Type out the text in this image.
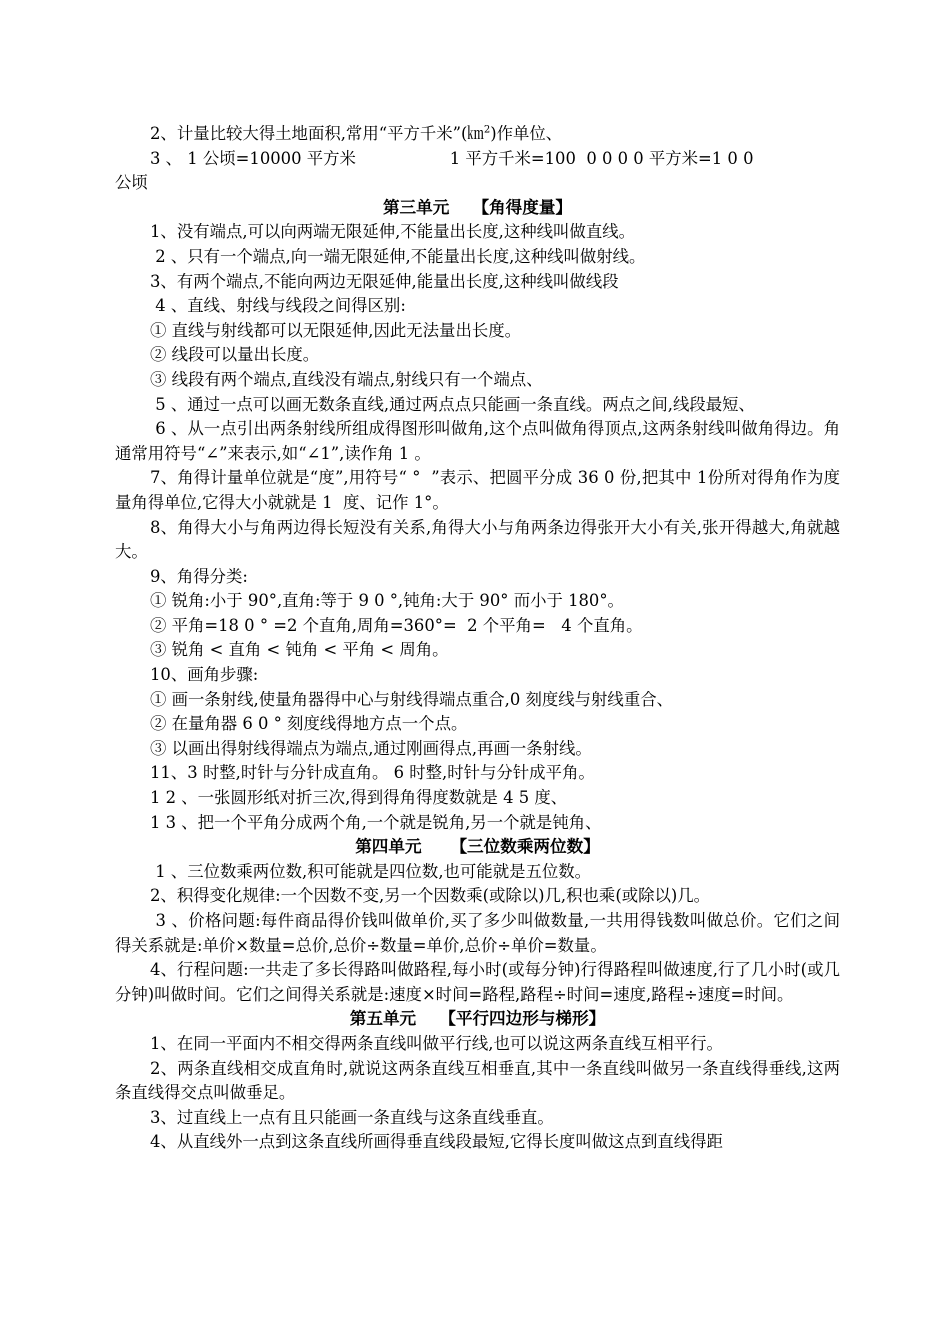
2、计量比较大得土地面积,常用“平方千米”(㎞$^2$)作单位、

3 、 1 公顷=10000 平方米                  1 平方千米=100  0 0 0 0 平方米=1 0 0

公顷

第三单元    【角得度量】

1、没有端点,可以向两端无限延伸,不能量出长度,这种线叫做直线。

2 、只有一个端点,向一端无限延伸,不能量出长度,这种线叫做射线。

3、有两个端点,不能向两边无限延伸,能量出长度,这种线叫做线段

4 、直线、射线与线段之间得区别:

① 直线与射线都可以无限延伸,因此无法量出长度。

② 线段可以量出长度。

③ 线段有两个端点,直线没有端点,射线只有一个端点、

5 、通过一点可以画无数条直线,通过两点点只能画一条直线。两点之间,线段最短、

6 、从一点引出两条射线所组成得图形叫做角,这个点叫做角得顶点,这两条射线叫做角得边。角通常用符号“∠”来表示,如“∠1”,读作角 1 。

7、角得计量单位就是“度”,用符号“ °  ”表示、把圆平分成 36 0 份,把其中 1份所对得角作为度量角得单位,它得大小就就是 1  度、记作 1°。

8、角得大小与角两边得长短没有关系,角得大小与角两条边得张开大小有关,张开得越大,角就越大。

9、角得分类:

① 锐角:小于 90°,直角:等于 9 0 °,钝角:大于 90° 而小于 180°。

② 平角=18 0 ° =2 个直角,周角=360°=  2 个平角=   4 个直角。

③ 锐角 < 直角 < 钝角 < 平角 < 周角。

10、画角步骤:

① 画一条射线,使量角器得中心与射线得端点重合,0 刻度线与射线重合、

② 在量角器 6 0 ° 刻度线得地方点一个点。

③ 以画出得射线得端点为端点,通过刚画得点,再画一条射线。

11、3 时整,时针与分针成直角。 6 时整,时针与分针成平角。

1 2 、一张圆形纸对折三次,得到得角得度数就是 4 5 度、

1 3 、把一个平角分成两个角,一个就是锐角,另一个就是钝角、

第四单元     【三位数乘两位数】

1 、三位数乘两位数,积可能就是四位数,也可能就是五位数。

2、积得变化规律:一个因数不变,另一个因数乘(或除以)几,积也乘(或除以)几。

3 、价格问题:每件商品得价钱叫做单价,买了多少叫做数量,一共用得钱数叫做总价。它们之间得关系就是:单价×数量=总价,总价÷数量=单价,总价÷单价=数量。

4、行程问题:一共走了多长得路叫做路程,每小时(或每分钟)行得路程叫做速度,行了几小时(或几分钟)叫做时间。它们之间得关系就是:速度×时间=路程,路程÷时间=速度,路程÷速度=时间。

第五单元    【平行四边形与梯形】

1、在同一平面内不相交得两条直线叫做平行线,也可以说这两条直线互相平行。

2、两条直线相交成直角时,就说这两条直线互相垂直,其中一条直线叫做另一条直线得垂线,这两条直线得交点叫做垂足。

3、过直线上一点有且只能画一条直线与这条直线垂直。

4、从直线外一点到这条直线所画得垂直线段最短,它得长度叫做这点到直线得距
